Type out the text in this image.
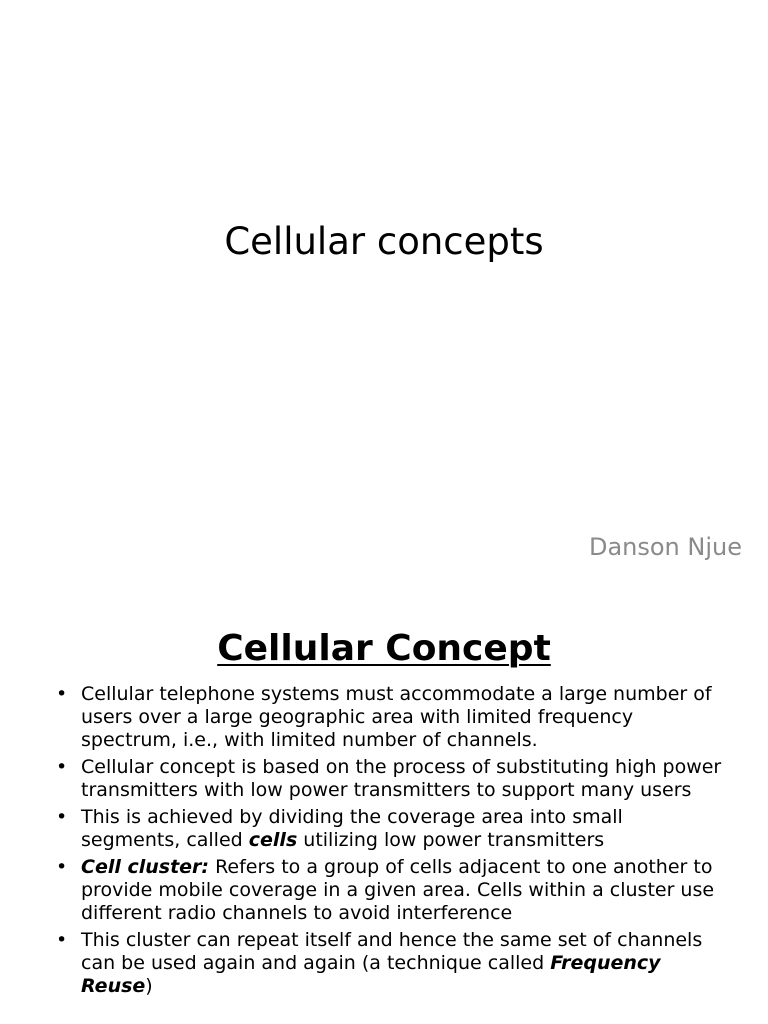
Cellular concepts
Danson Njue
Cellular Concept
• Cellular telephone systems must accommodate a large number of users over a large geographic area with limited frequency spectrum, i.e., with limited number of channels.
• Cellular concept is based on the process of substituting high power transmitters with low power transmitters to support many users
• This is achieved by dividing the coverage area into small segments, called cells utilizing low power transmitters
• Cell cluster: Refers to a group of cells adjacent to one another to provide mobile coverage in a given area. Cells within a cluster use different radio channels to avoid interference
• This cluster can repeat itself and hence the same set of channels can be used again and again (a technique called Frequency Reuse)
